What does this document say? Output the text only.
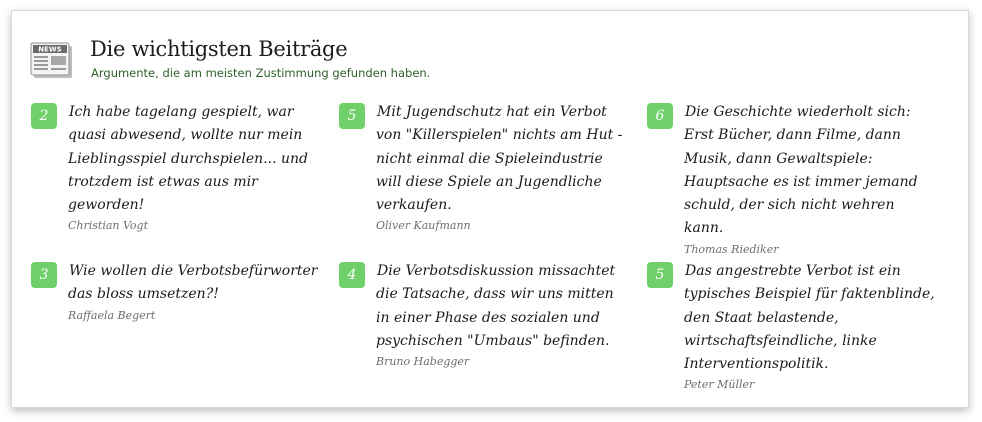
NEWS Die wichtigsten Beiträge
Argumente, die am meisten Zustimmung gefunden haben.
2	Ich habe tagelang gespielt, war quasi abwesend, wollte nur mein Lieblingsspiel durchspielen... und trotzdem ist etwas aus mir geworden!

Christian Vogt
5	Mit Jugendschutz hat ein Verbot von "Killerspielen" nichts am Hut - nicht einmal die Spieleindustrie will diese Spiele an Jugendliche verkaufen.

Oliver Kaufmann
6	Die Geschichte wiederholt sich: Erst Bücher, dann Filme, dann Musik, dann Gewaltspiele: Hauptsache es ist immer jemand schuld, der sich nicht wehren kann.

Thomas Riediker
3	Wie wollen die Verbotsbefürworter das bloss umsetzen?!

Raffaela Begert
4	Die Verbotsdiskussion missachtet die Tatsache, dass wir uns mitten in einer Phase des sozialen und psychischen "Umbaus" befinden.

Bruno Habegger
5	Das angestrebte Verbot ist ein typisches Beispiel für faktenblinde, den Staat belastende, wirtschaftsfeindliche, linke Interventionspolitik.

Peter Müller
